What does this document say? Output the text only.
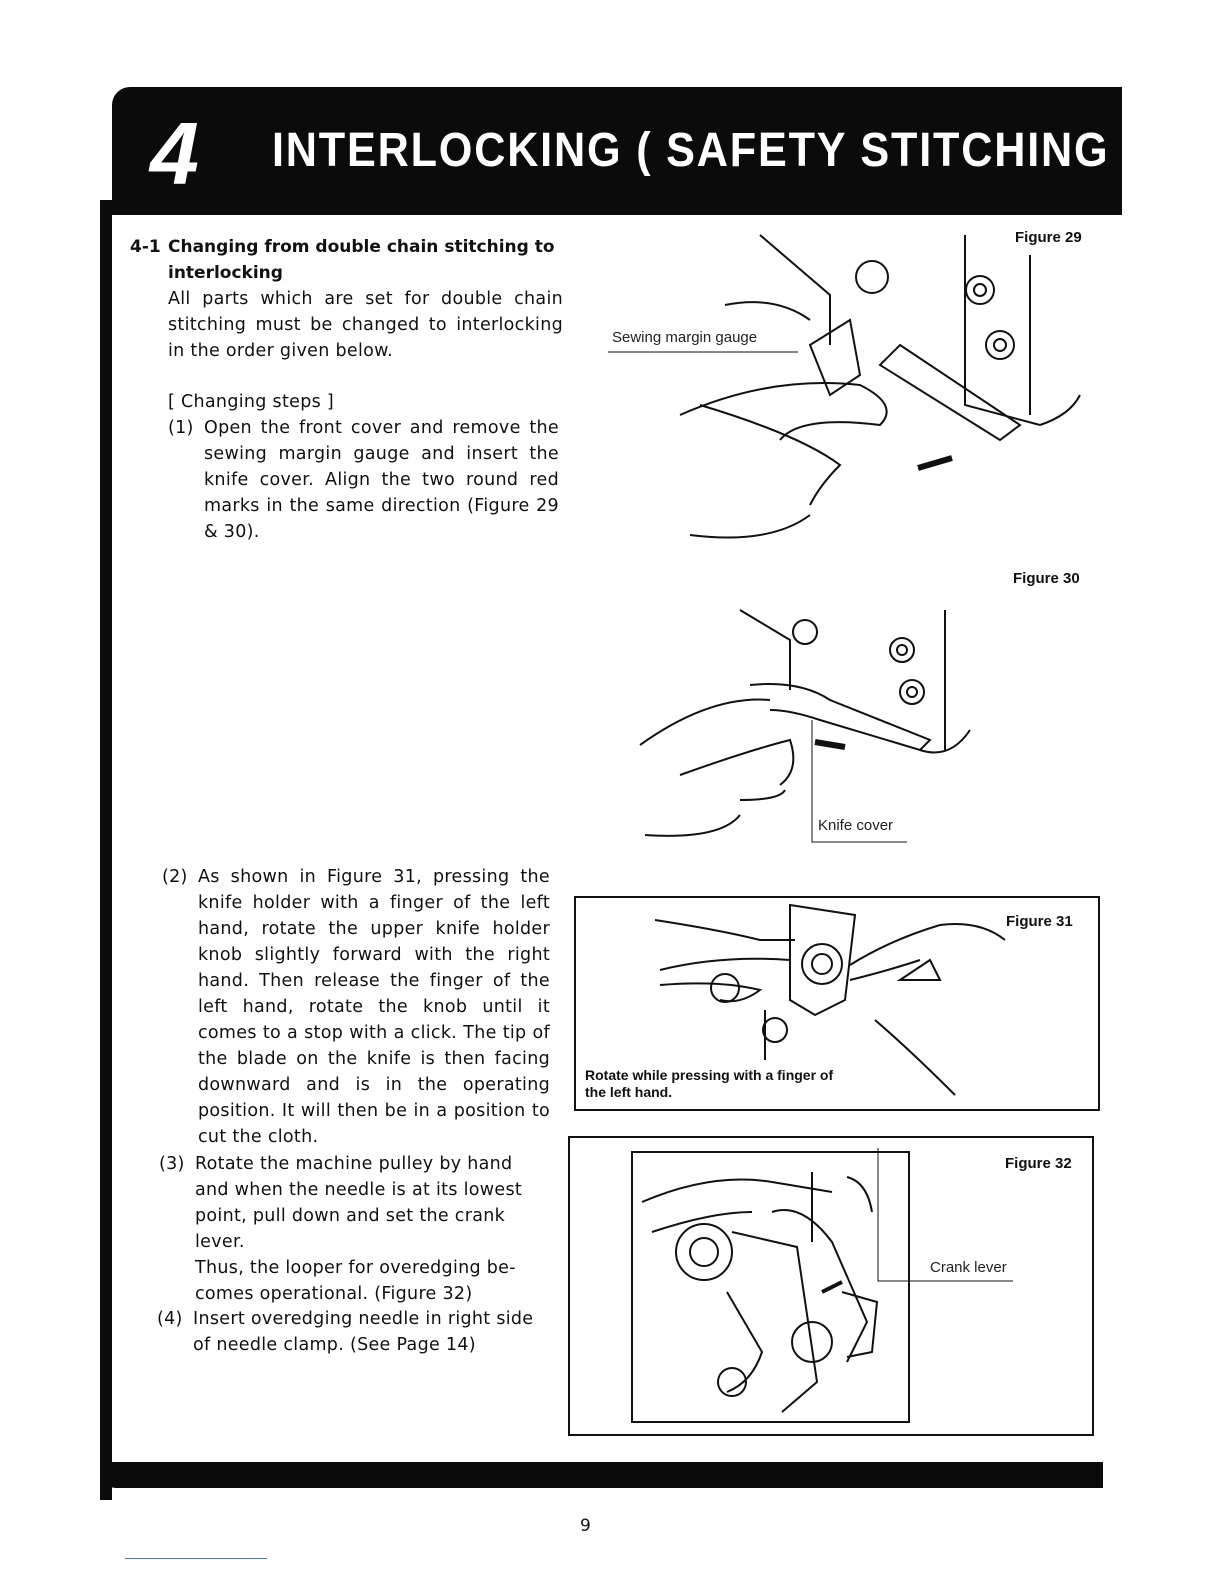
4 INTERLOCKING ( SAFETY STITCHING )
4-1 Changing from double chain stitching to
interlocking
All parts which are set for double chain stitching must be changed to interlocking in the order given below.
[ Changing steps ]
(1) Open the front cover and remove the sewing margin gauge and insert the knife cover. Align the two round red marks in the same direction (Figure 29 & 30).
(2) As shown in Figure 31, pressing the knife holder with a finger of the left hand, rotate the upper knife holder knob slightly forward with the right hand. Then release the finger of the left hand, rotate the knob until it comes to a stop with a click. The tip of the blade on the knife is then facing downward and is in the operating position. It will then be in a position to cut the cloth.
(3) Rotate the machine pulley by hand and when the needle is at its lowest point, pull down and set the crank lever.
Thus, the looper for overedging be-comes operational. (Figure 32)
(4) Insert overedging needle in right side of needle clamp. (See Page 14)
Figure 29
Sewing margin gauge
Figure 30
Knife cover
Figure 31
Rotate while pressing with a finger of
the left hand.
Figure 32
Crank lever
9
